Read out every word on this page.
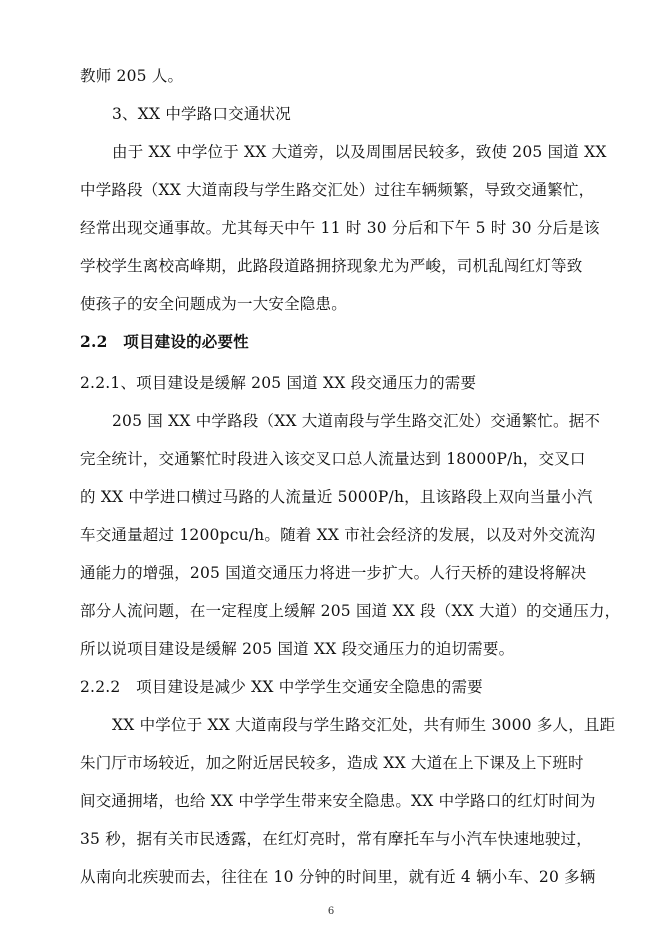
教师 205 人。
3、XX 中学路口交通状况
由于 XX 中学位于 XX 大道旁，以及周围居民较多，致使 205 国道 XX
中学路段（XX 大道南段与学生路交汇处）过往车辆频繁，导致交通繁忙，
经常出现交通事故。尤其每天中午 11 时 30 分后和下午 5 时 30 分后是该
学校学生离校高峰期，此路段道路拥挤现象尤为严峻，司机乱闯红灯等致
使孩子的安全问题成为一大安全隐患。
2.2　项目建设的必要性
2.2.1、项目建设是缓解 205 国道 XX 段交通压力的需要
205 国 XX 中学路段（XX 大道南段与学生路交汇处）交通繁忙。据不
完全统计，交通繁忙时段进入该交叉口总人流量达到 18000P/h，交叉口
的 XX 中学进口横过马路的人流量近 5000P/h，且该路段上双向当量小汽
车交通量超过 1200pcu/h。随着 XX 市社会经济的发展，以及对外交流沟
通能力的增强，205 国道交通压力将进一步扩大。人行天桥的建设将解决
部分人流问题，在一定程度上缓解 205 国道 XX 段（XX 大道）的交通压力，
所以说项目建设是缓解 205 国道 XX 段交通压力的迫切需要。
2.2.2　项目建设是减少 XX 中学学生交通安全隐患的需要
XX 中学位于 XX 大道南段与学生路交汇处，共有师生 3000 多人，且距
朱门厅市场较近，加之附近居民较多，造成 XX 大道在上下课及上下班时
间交通拥堵，也给 XX 中学学生带来安全隐患。XX 中学路口的红灯时间为
35 秒，据有关市民透露，在红灯亮时，常有摩托车与小汽车快速地驶过，
从南向北疾驶而去，往往在 10 分钟的时间里，就有近 4 辆小车、20 多辆
6
